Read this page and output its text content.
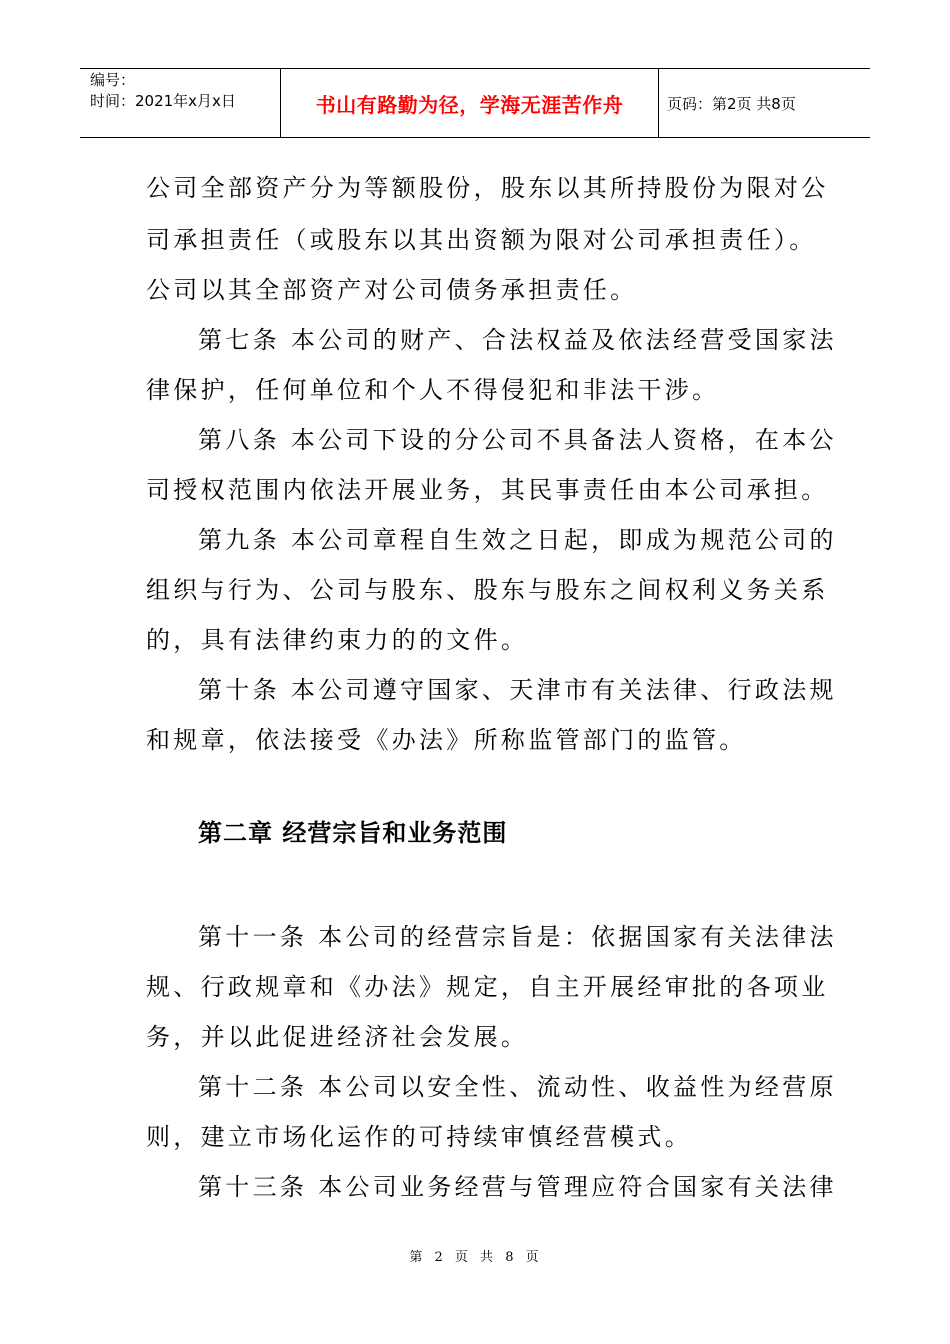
编号：
时间：2021年x月x日	书山有路勤为径，学海无涯苦作舟	页码：第2页 共8页
公司全部资产分为等额股份，股东以其所持股份为限对公
司承担责任（或股东以其出资额为限对公司承担责任）。
公司以其全部资产对公司债务承担责任。
第七条 本公司的财产、合法权益及依法经营受国家法
律保护，任何单位和个人不得侵犯和非法干涉。
第八条 本公司下设的分公司不具备法人资格，在本公
司授权范围内依法开展业务，其民事责任由本公司承担。
第九条 本公司章程自生效之日起，即成为规范公司的
组织与行为、公司与股东、股东与股东之间权利义务关系
的，具有法律约束力的的文件。
第十条 本公司遵守国家、天津市有关法律、行政法规
和规章，依法接受《办法》所称监管部门的监管。
第十一条 本公司的经营宗旨是：依据国家有关法律法
规、行政规章和《办法》规定，自主开展经审批的各项业
务，并以此促进经济社会发展。
第十二条 本公司以安全性、流动性、收益性为经营原
则，建立市场化运作的可持续审慎经营模式。
第十三条 本公司业务经营与管理应符合国家有关法律
第二章 经营宗旨和业务范围
第 2 页 共 8 页
